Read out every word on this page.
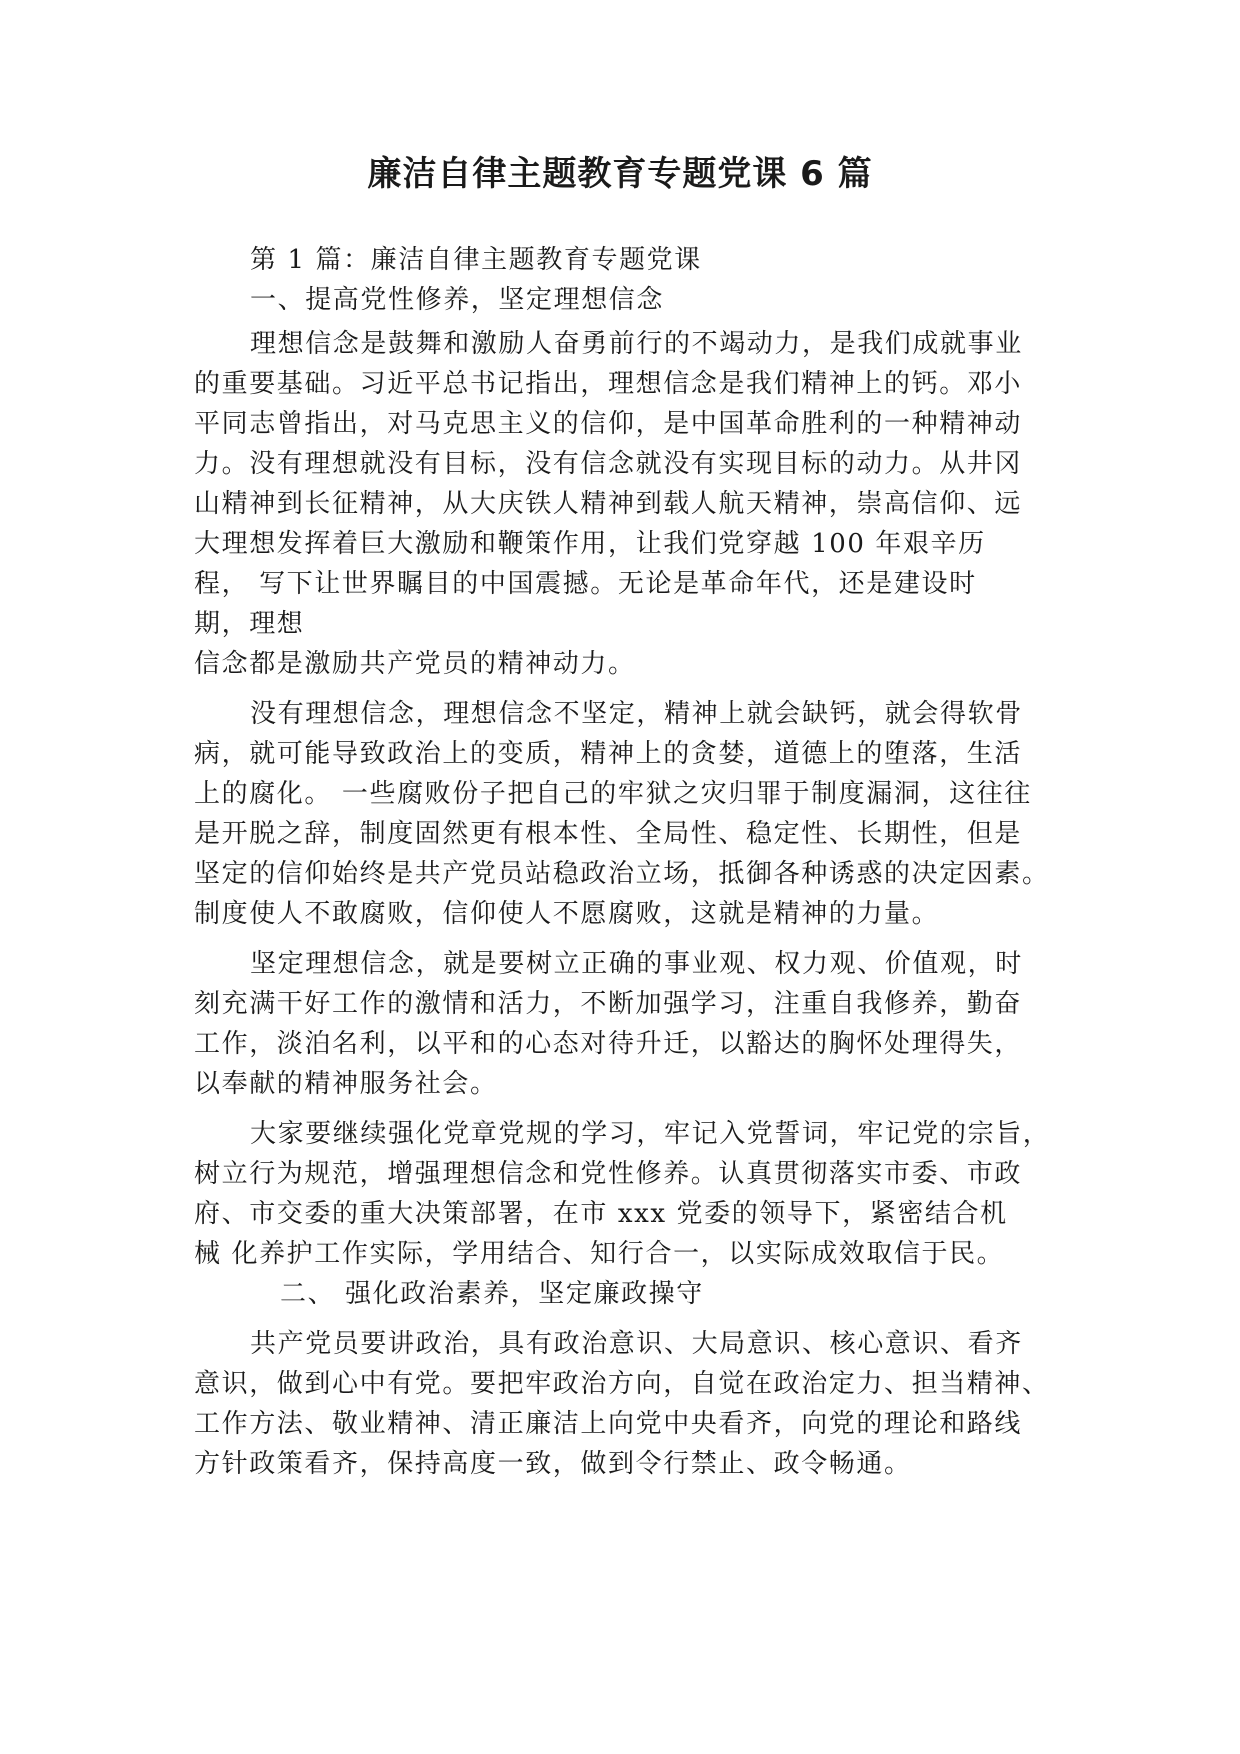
廉洁自律主题教育专题党课 6 篇
第 1 篇：廉洁自律主题教育专题党课
一、提高党性修养，坚定理想信念
理想信念是鼓舞和激励人奋勇前行的不竭动力，是我们成就事业
的重要基础。习近平总书记指出，理想信念是我们精神上的钙。邓小
平同志曾指出，对马克思主义的信仰，是中国革命胜利的一种精神动
力。没有理想就没有目标，没有信念就没有实现目标的动力。从井冈
山精神到长征精神，从大庆铁人精神到载人航天精神，崇高信仰、远
大理想发挥着巨大激励和鞭策作用，让我们党穿越 100 年艰辛历
程， 写下让世界瞩目的中国震撼。无论是革命年代，还是建设时
期，理想
信念都是激励共产党员的精神动力。
没有理想信念，理想信念不坚定，精神上就会缺钙，就会得软骨
病，就可能导致政治上的变质，精神上的贪婪，道德上的堕落，生活
上的腐化。 一些腐败份子把自己的牢狱之灾归罪于制度漏洞，这往往
是开脱之辞，制度固然更有根本性、全局性、稳定性、长期性，但是
坚定的信仰始终是共产党员站稳政治立场，抵御各种诱惑的决定因素。
制度使人不敢腐败，信仰使人不愿腐败，这就是精神的力量。
坚定理想信念，就是要树立正确的事业观、权力观、价值观，时
刻充满干好工作的激情和活力，不断加强学习，注重自我修养，勤奋
工作，淡泊名利，以平和的心态对待升迁，以豁达的胸怀处理得失，
以奉献的精神服务社会。
大家要继续强化党章党规的学习，牢记入党誓词，牢记党的宗旨，
树立行为规范，增强理想信念和党性修养。认真贯彻落实市委、市政
府、市交委的重大决策部署，在市 xxx 党委的领导下，紧密结合机
械 化养护工作实际，学用结合、知行合一，以实际成效取信于民。
二、 强化政治素养，坚定廉政操守
共产党员要讲政治，具有政治意识、大局意识、核心意识、看齐
意识，做到心中有党。要把牢政治方向，自觉在政治定力、担当精神、
工作方法、敬业精神、清正廉洁上向党中央看齐，向党的理论和路线
方针政策看齐，保持高度一致，做到令行禁止、政令畅通。
